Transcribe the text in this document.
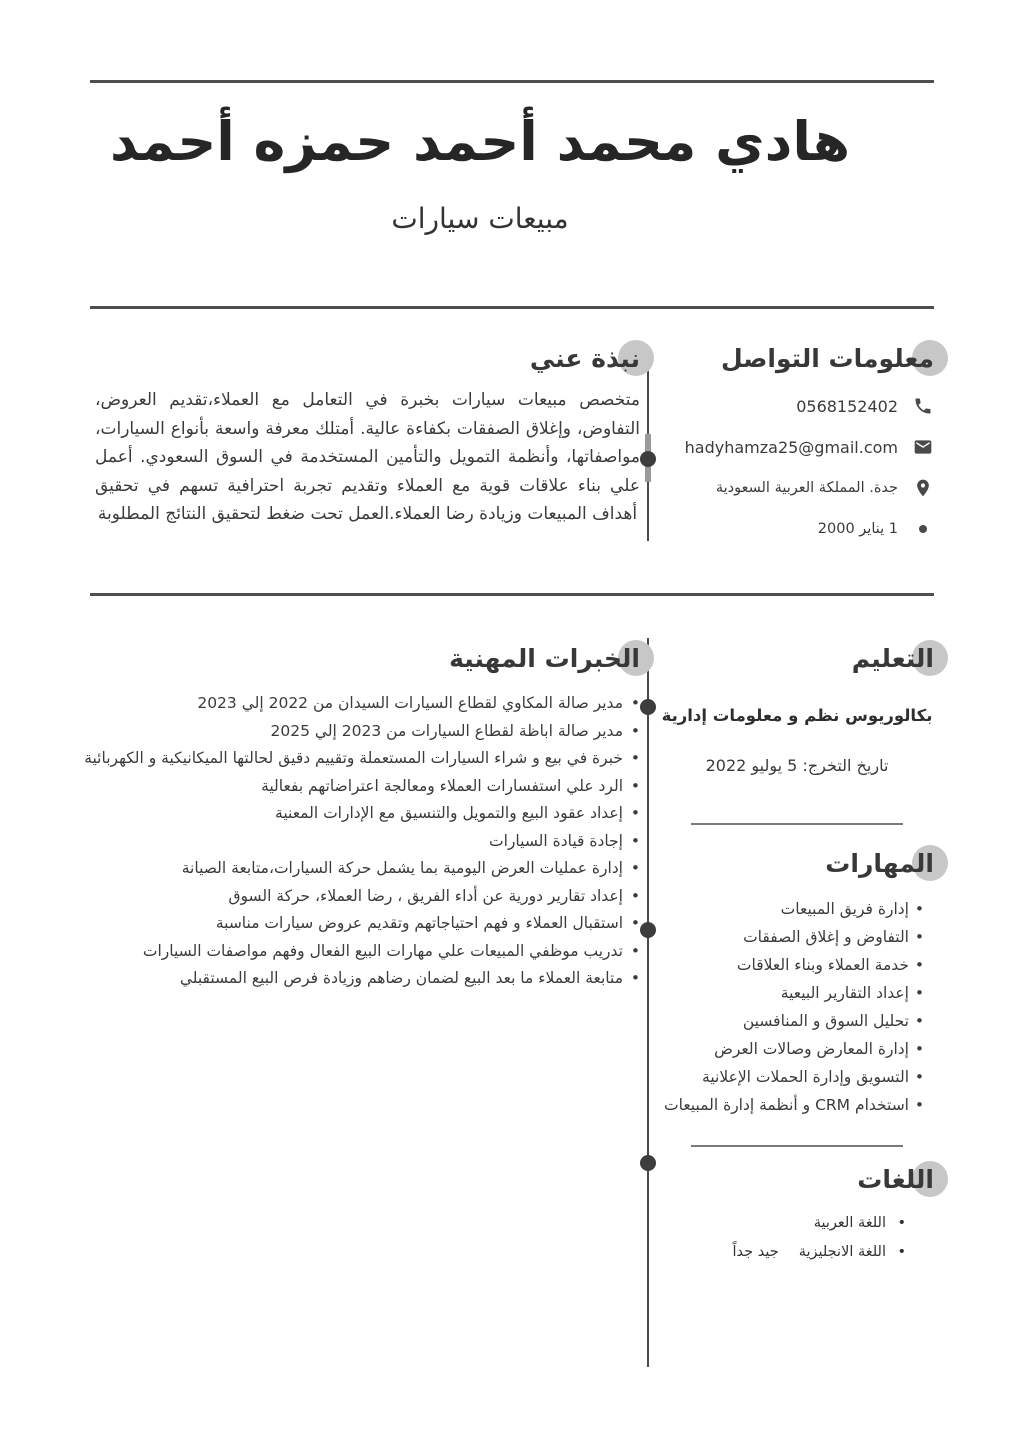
هادي محمد أحمد حمزه أحمد
مبيعات سيارات
معلومات التواصل
0568152402
hadyhamza25@gmail.com
جدة. المملكة العربية السعودية
1 يناير 2000
نبذة عني
متخصص مبيعات سيارات بخبرة في التعامل مع العملاء،تقديم العروض، التفاوض، وإغلاق الصفقات بكفاءة عالية. أمتلك معرفة واسعة بأنواع السيارات، مواصفاتها، وأنظمة التمويل والتأمين المستخدمة في السوق السعودي. أعمل علي بناء علاقات قوية مع العملاء وتقديم تجربة احترافية تسهم في تحقيق أهداف المبيعات وزيادة رضا العملاء.العمل تحت ضغط لتحقيق النتائج المطلوبة
الخبرات المهنية
• مدير صالة المكاوي لقطاع السيارات السيدان من 2022 إلي 2023
• مدير صالة اباظة لقطاع السيارات من 2023 إلي 2025
• خبرة في بيع و شراء السيارات المستعملة وتقييم دقيق لحالتها الميكانيكية و الكهربائية
• الرد علي استفسارات العملاء ومعالجة اعتراضاتهم بفعالية
• إعداد عقود البيع والتمويل والتنسيق مع الإدارات المعنية
• إجادة قيادة السيارات
• إدارة عمليات العرض اليومية بما يشمل حركة السيارات،متابعة الصيانة
• إعداد تقارير دورية عن أداء الفريق ، رضا العملاء، حركة السوق
• استقبال العملاء و فهم احتياجاتهم وتقديم عروض سيارات مناسبة
• تدريب موظفي المبيعات علي مهارات البيع الفعال وفهم مواصفات السيارات
• متابعة العملاء ما بعد البيع لضمان رضاهم وزيادة فرص البيع المستقبلي
التعليم
بكالوريوس نظم و معلومات إدارية
تاريخ التخرج: 5 يوليو 2022
المهارات
• إدارة فريق المبيعات
• التفاوض و إغلاق الصفقات
• خدمة العملاء وبناء العلاقات
• إعداد التقارير البيعية
• تحليل السوق و المنافسين
• إدارة المعارض وصالات العرض
• التسويق وإدارة الحملات الإعلانية
• استخدام CRM و أنظمة إدارة المبيعات
اللغات
• اللغة العربية
• اللغة الانجليزيةجيد جداً
